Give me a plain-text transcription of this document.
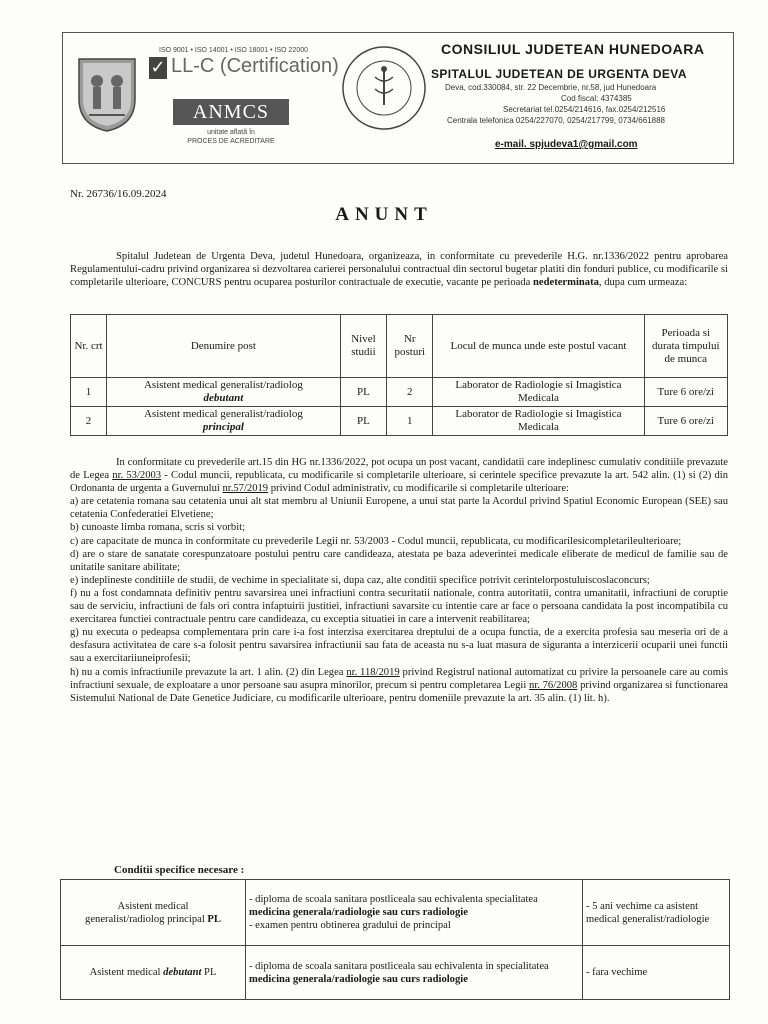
ISO 9001 • ISO 14001 • ISO 18001 • ISO 22000
✓ LL-C (Certification)
ANMCS
unitate aflată în
PROCES DE ACREDITARE
CONSILIUL JUDETEAN HUNEDOARA
SPITALUL JUDETEAN DE URGENTA DEVA
Deva, cod.330084, str. 22 Decembrie, nr.58, jud Hunedoara
Cod fiscal: 4374385
Secretariat tel.0254/214616, fax.0254/212516
Centrala telefonica 0254/227070, 0254/217799, 0734/661888
e-mail. spjudeva1@gmail.com
Nr. 26736/16.09.2024
ANUNT
Spitalul Judetean de Urgenta Deva, judetul Hunedoara, organizeaza, in conformitate cu prevederile H.G. nr.1336/2022 pentru aprobarea Regulamentului-cadru privind organizarea si dezvoltarea carierei personalului contractual din sectorul bugetar platiti din fonduri publice, cu modificarile si completarile ulterioare, CONCURS pentru ocuparea posturilor contractuale de executie, vacante pe perioada nedeterminata, dupa cum urmeaza:
Nr. crt	Denumire post	Nivel studii	Nr posturi	Locul de munca unde este postul vacant	Perioada si durata timpului de munca
1	Asistent medical generalist/radiolog
debutant	PL	2	Laborator de Radiologie si Imagistica Medicala	Ture 6 ore/zi
2	Asistent medical generalist/radiolog
principal	PL	1	Laborator de Radiologie si Imagistica Medicala	Ture 6 ore/zi

In conformitate cu prevederile art.15 din HG nr.1336/2022, pot ocupa un post vacant, candidatii care indeplinesc cumulativ conditiile prevazute de Legea nr. 53/2003 - Codul muncii, republicata, cu modificarile si completarile ulterioare, si cerintele specifice prevazute la art. 542 alin. (1) si (2) din Ordonanta de urgenta a Guvernului nr.57/2019 privind Codul administrativ, cu modificarile si completarile ulterioare:

a) are cetatenia romana sau cetatenia unui alt stat membru al Uniunii Europene, a unui stat parte la Acordul privind Spatiul Economic European (SEE) sau cetatenia Confederatiei Elvetiene;

b) cunoaste limba romana, scris si vorbit;

c) are capacitate de munca in conformitate cu prevederile Legii nr. 53/2003 - Codul muncii, republicata, cu modificarilesicompletarileulterioare;

d) are o stare de sanatate corespunzatoare postului pentru care candideaza, atestata pe baza adeverintei medicale eliberate de medicul de familie sau de unitatile sanitare abilitate;

e) indeplineste conditiile de studii, de vechime in specialitate si, dupa caz, alte conditii specifice potrivit cerintelorpostuluiscoslaconcurs;

f) nu a fost condamnata definitiv pentru savarsirea unei infractiuni contra securitatii nationale, contra autoritatii, contra umanitatii, infractiuni de coruptie sau de serviciu, infractiuni de fals ori contra infaptuirii justitiei, infractiuni savarsite cu intentie care ar face o persoana candidata la post incompatibila cu exercitarea functiei contractuale pentru care candideaza, cu exceptia situatiei in care a intervenit reabilitarea;

g) nu executa o pedeapsa complementara prin care i-a fost interzisa exercitarea dreptului de a ocupa functia, de a exercita profesia sau meseria ori de a desfasura activitatea de care s-a folosit pentru savarsirea infractiunii sau fata de aceasta nu s-a luat masura de siguranta a interzicerii ocuparii unei functii sau a exercitariiuneiprofesii;

h) nu a comis infractiunile prevazute la art. 1 alin. (2) din Legea nr. 118/2019 privind Registrul national automatizat cu privire la persoanele care au comis infractiuni sexuale, de exploatare a unor persoane sau asupra minorilor, precum si pentru completarea Legii nr. 76/2008 privind organizarea si functionarea Sistemului National de Date Genetice Judiciare, cu modificarile ulterioare, pentru domeniile prevazute la art. 35 alin. (1) lit. h).

Conditii specifice necesare :
Asistent medical
generalist/radiolog principal PL	- diploma de scoala sanitara postliceala sau echivalenta specialitatea medicina generala/radiologie sau curs radiologie
- examen pentru obtinerea gradului de principal	- 5 ani vechime ca asistent medical generalist/radiologie
Asistent medical debutant PL	- diploma de scoala sanitara postliceala sau echivalenta in specialitatea medicina generala/radiologie sau curs radiologie	- fara vechime
